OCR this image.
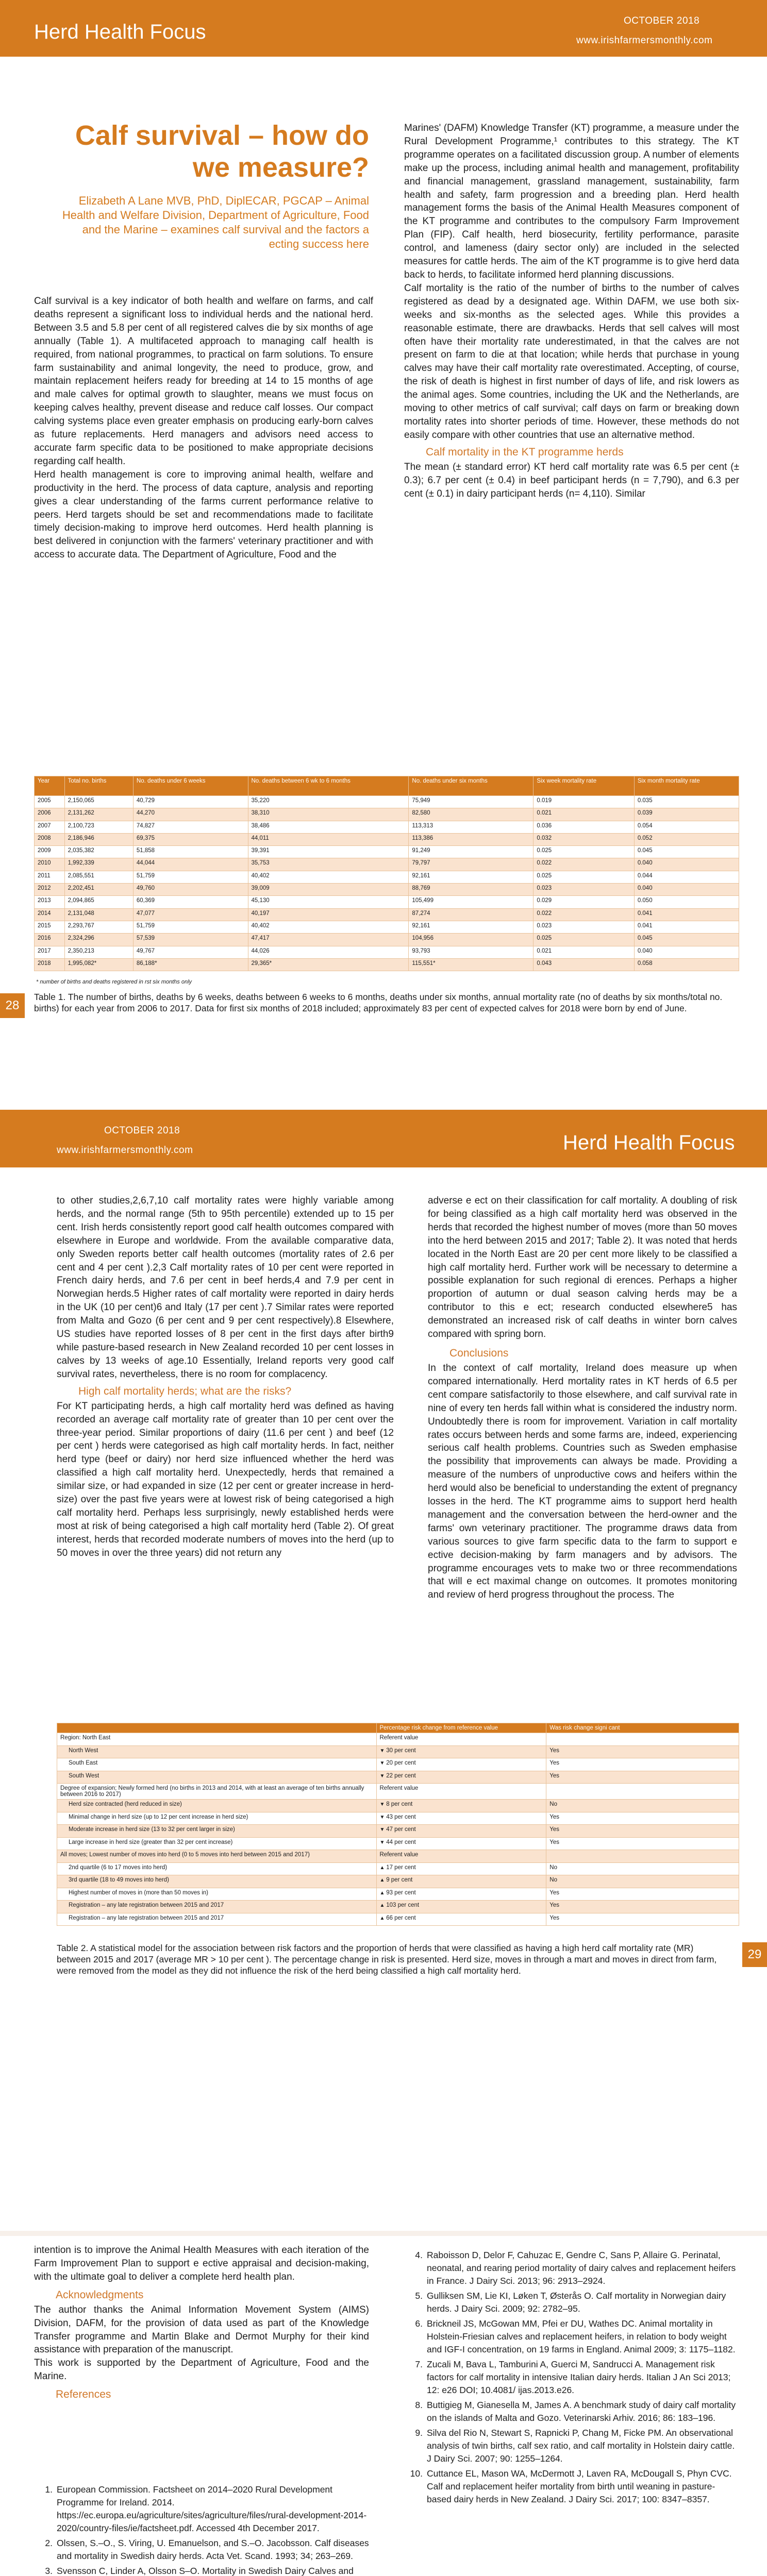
OCTOBER 2018
Herd Health Focus	www.irishfarmersmonthly.com
Calf survival – how do we measure?
Elizabeth A Lane MVB, PhD, DiplECAR, PGCAP – Animal Health and Welfare Division, Department of Agriculture, Food and the Marine – examines calf survival and the factors a ecting success here

Calf survival is a key indicator of both health and welfare on farms, and calf deaths represent a significant loss to individual herds and the national herd. Between 3.5 and 5.8 per cent of all registered calves die by six months of age annually (Table 1). A multifaceted approach to managing calf health is required, from national programmes, to practical on farm solutions. To ensure farm sustainability and animal longevity, the need to produce, grow, and maintain replacement heifers ready for breeding at 14 to 15 months of age and male calves for optimal growth to slaughter, means we must focus on keeping calves healthy, prevent disease and reduce calf losses. Our compact calving systems place even greater emphasis on producing early-born calves as future replacements. Herd managers and advisors need access to accurate farm specific data to be positioned to make appropriate decisions regarding calf health.

Herd health management is core to improving animal health, welfare and productivity in the herd. The process of data capture, analysis and reporting gives a clear understanding of the farms current performance relative to peers. Herd targets should be set and recommendations made to facilitate timely decision-making to improve herd outcomes. Herd health planning is best delivered in conjunction with the farmers' veterinary practitioner and with access to accurate data. The Department of Agriculture, Food and the

Marines' (DAFM) Knowledge Transfer (KT) programme, a measure under the Rural Development Programme,¹ contributes to this strategy. The KT programme operates on a facilitated discussion group. A number of elements make up the process, including animal health and management, profitability and financial management, grassland management, sustainability, farm health and safety, farm progression and a breeding plan. Herd health management forms the basis of the Animal Health Measures component of the KT programme and contributes to the compulsory Farm Improvement Plan (FIP). Calf health, herd biosecurity, fertility performance, parasite control, and lameness (dairy sector only) are included in the selected measures for cattle herds. The aim of the KT programme is to give herd data back to herds, to facilitate informed herd planning discussions.

Calf mortality is the ratio of the number of births to the number of calves registered as dead by a designated age. Within DAFM, we use both six-weeks and six-months as the selected ages. While this provides a reasonable estimate, there are drawbacks. Herds that sell calves will most often have their mortality rate underestimated, in that the calves are not present on farm to die at that location; while herds that purchase in young calves may have their calf mortality rate overestimated. Accepting, of course, the risk of death is highest in first number of days of life, and risk lowers as the animal ages. Some countries, including the UK and the Netherlands, are moving to other metrics of calf survival; calf days on farm or breaking down mortality rates into shorter periods of time. However, these methods do not easily compare with other countries that use an alternative method.

Calf mortality in the KT programme herds

The mean (± standard error) KT herd calf mortality rate was 6.5 per cent (± 0.3); 6.7 per cent (± 0.4) in beef participant herds (n = 7,790), and 6.3 per cent (± 0.1) in dairy participant herds (n= 4,110). Similar

Year	Total no. births	No. deaths under 6 weeks	No. deaths between 6 wk to 6 months	No. deaths under six months	Six week mortality rate	Six month mortality rate
2005	2,150,065	40,729	35,220	75,949	0.019	0.035
2006	2,131,262	44,270	38,310	82,580	0.021	0.039
2007	2,100,723	74,827	38,486	113,313	0.036	0.054
2008	2,186,946	69,375	44,011	113,386	0.032	0.052
2009	2,035,382	51,858	39,391	91,249	0.025	0.045
2010	1,992,339	44,044	35,753	79,797	0.022	0.040
2011	2,085,551	51,759	40,402	92,161	0.025	0.044
2012	2,202,451	49,760	39,009	88,769	0.023	0.040
2013	2,094,865	60,369	45,130	105,499	0.029	0.050
2014	2,131,048	47,077	40,197	87,274	0.022	0.041
2015	2,293,767	51,759	40,402	92,161	0.023	0.041
2016	2,324,296	57,539	47,417	104,956	0.025	0.045
2017	2,350,213	49,767	44,026	93,793	0.021	0.040
2018	1,995,082*	86,188*	29,365*	115,551*	0.043	0.058
* number of births and deaths registered in rst six months only
28
Table 1. The number of births, deaths by 6 weeks, deaths between 6 weeks to 6 months, deaths under six months, annual mortality rate (no of deaths by six months/total no. births) for each year from 2006 to 2017. Data for first six months of 2018 included; approximately 83 per cent of expected calves for 2018 were born by end of June.
OCTOBER 2018
www.irishfarmersmonthly.com	Herd Health Focus

to other studies,2,6,7,10 calf mortality rates were highly variable among herds, and the normal range (5th to 95th percentile) extended up to 15 per cent. Irish herds consistently report good calf health outcomes compared with elsewhere in Europe and worldwide. From the available comparative data, only Sweden reports better calf health outcomes (mortality rates of 2.6 per cent and 4 per cent ).2,3 Calf mortality rates of 10 per cent were reported in French dairy herds, and 7.6 per cent in beef herds,4 and 7.9 per cent in Norwegian herds.5 Higher rates of calf mortality were reported in dairy herds in the UK (10 per cent)6 and Italy (17 per cent ).7 Similar rates were reported from Malta and Gozo (6 per cent and 9 per cent respectively).8 Elsewhere, US studies have reported losses of 8 per cent in the first days after birth9 while pasture-based research in New Zealand recorded 10 per cent losses in calves by 13 weeks of age.10 Essentially, Ireland reports very good calf survival rates, nevertheless, there is no room for complacency.

High calf mortality herds; what are the risks?

For KT participating herds, a high calf mortality herd was defined as having recorded an average calf mortality rate of greater than 10 per cent over the three-year period. Similar proportions of dairy (11.6 per cent ) and beef (12 per cent ) herds were categorised as high calf mortality herds. In fact, neither herd type (beef or dairy) nor herd size influenced whether the herd was classified a high calf mortality herd. Unexpectedly, herds that remained a similar size, or had expanded in size (12 per cent or greater increase in herd-size) over the past five years were at lowest risk of being categorised a high calf mortality herd. Perhaps less surprisingly, newly established herds were most at risk of being categorised a high calf mortality herd (Table 2). Of great interest, herds that recorded moderate numbers of moves into the herd (up to 50 moves in over the three years) did not return any

adverse e ect on their classification for calf mortality. A doubling of risk for being classified as a high calf mortality herd was observed in the herds that recorded the highest number of moves (more than 50 moves into the herd between 2015 and 2017; Table 2). It was noted that herds located in the North East are 20 per cent more likely to be classified a high calf mortality herd. Further work will be necessary to determine a possible explanation for such regional di erences. Perhaps a higher proportion of autumn or dual season calving herds may be a contributor to this e ect; research conducted elsewhere5 has demonstrated an increased risk of calf deaths in winter born calves compared with spring born.

Conclusions

In the context of calf mortality, Ireland does measure up when compared internationally. Herd mortality rates in KT herds of 6.5 per cent compare satisfactorily to those elsewhere, and calf survival rate in nine of every ten herds fall within what is considered the industry norm. Undoubtedly there is room for improvement. Variation in calf mortality rates occurs between herds and some farms are, indeed, experiencing serious calf health problems. Countries such as Sweden emphasise the possibility that improvements can always be made. Providing a measure of the numbers of unproductive cows and heifers within the herd would also be beneficial to understanding the extent of pregnancy losses in the herd. The KT programme aims to support herd health management and the conversation between the herd-owner and the farms' own veterinary practitioner. The programme draws data from various sources to give farm specific data to the farm to support e ective decision-making by farm managers and by advisors. The programme encourages vets to make two or three recommendations that will e ect maximal change on outcomes. It promotes monitoring and review of herd progress throughout the process. The

	Percentage risk change from reference value	Was risk change signi cant
Region: North East	Referent value	
North West	▼ 30 per cent	Yes
South East	▼ 20 per cent	Yes
South West	▼ 22 per cent	Yes
Degree of expansion; Newly formed herd (no births in 2013 and 2014, with at least an average of ten births annually between 2016 to 2017)	Referent value	
Herd size contracted (herd reduced in size)	▼ 8 per cent	No
Minimal change in herd size (up to 12 per cent increase in herd size)	▼ 43 per cent	Yes
Moderate increase in herd size (13 to 32 per cent larger in size)	▼ 47 per cent	Yes
Large increase in herd size (greater than 32 per cent increase)	▼ 44 per cent	Yes
All moves; Lowest number of moves into herd (0 to 5 moves into herd between 2015 and 2017)	Referent value	
2nd quartile (6 to 17 moves into herd)	▲ 17 per cent	No
3rd quartile (18 to 49 moves into herd)	▲ 9 per cent	No
Highest number of moves in (more than 50 moves in)	▲ 93 per cent	Yes
Registration – any late registration between 2015 and 2017	▲ 103 per cent	Yes
Registration – any late registration between 2015 and 2017	▲ 66 per cent	Yes
Table 2. A statistical model for the association between risk factors and the proportion of herds that were classified as having a high herd calf mortality rate (MR) between 2015 and 2017 (average MR > 10 per cent ). The percentage change in risk is presented. Herd size, moves in through a mart and moves in direct from farm, were removed from the model as they did not influence the risk of the herd being classified a high calf mortality herd.
29

intention is to improve the Animal Health Measures with each iteration of the Farm Improvement Plan to support e ective appraisal and decision-making, with the ultimate goal to deliver a complete herd health plan.

Acknowledgments

The author thanks the Animal Information Movement System (AIMS) Division, DAFM, for the provision of data used as part of the Knowledge Transfer programme and Martin Blake and Dermot Murphy for their kind assistance with preparation of the manuscript.

This work is supported by the Department of Agriculture, Food and the Marine.

References
1. European Commission. Factsheet on 2014–2020 Rural Development Programme for Ireland. 2014. https://ec.europa.eu/agriculture/sites/agriculture/files/rural-development-2014-2020/country-files/ie/factsheet.pdf. Accessed 4th December 2017.
2. Olssen, S.–O., S. Viring, U. Emanuelson, and S.–O. Jacobsson. Calf diseases and mortality in Swedish dairy herds. Acta Vet. Scand. 1993; 34; 263–269.
3. Svensson C, Linder A, Olsson S–O. Mortality in Swedish Dairy Calves and
4. Raboisson D, Delor F, Cahuzac E, Gendre C, Sans P, Allaire G. Perinatal, neonatal, and rearing period mortality of dairy calves and replacement heifers in France. J Dairy Sci. 2013; 96: 2913–2924.
5. Gulliksen SM, Lie KI, Løken T, Østerås O. Calf mortality in Norwegian dairy herds. J Dairy Sci. 2009; 92: 2782–95.
6. Brickneil JS, McGowan MM, Pfei er DU, Wathes DC. Animal mortality in Holstein-Friesian calves and replacement heifers, in relation to body weight and IGF-I concentration, on 19 farms in England. Animal 2009; 3: 1175–1182.
7. Zucali M, Bava L, Tamburini A, Guerci M, Sandrucci A. Management risk factors for calf mortality in intensive Italian dairy herds. Italian J An Sci 2013; 12: e26 DOI; 10.4081/ ijas.2013.e26.
8. Buttigieg M, Gianesella M, James A. A benchmark study of dairy calf mortality on the islands of Malta and Gozo. Veterinarski Arhiv. 2016; 86: 183–196.
9. Silva del Rio N, Stewart S, Rapnicki P, Chang M, Ficke PM. An observational analysis of twin births, calf sex ratio, and calf mortality in Holstein dairy cattle. J Dairy Sci. 2007; 90: 1255–1264.
10. Cuttance EL, Mason WA, McDermott J, Laven RA, McDougall S, Phyn CVC. Calf and replacement heifer mortality from birth until weaning in pasture-based dairy herds in New Zealand. J Dairy Sci. 2017; 100: 8347–8357.
